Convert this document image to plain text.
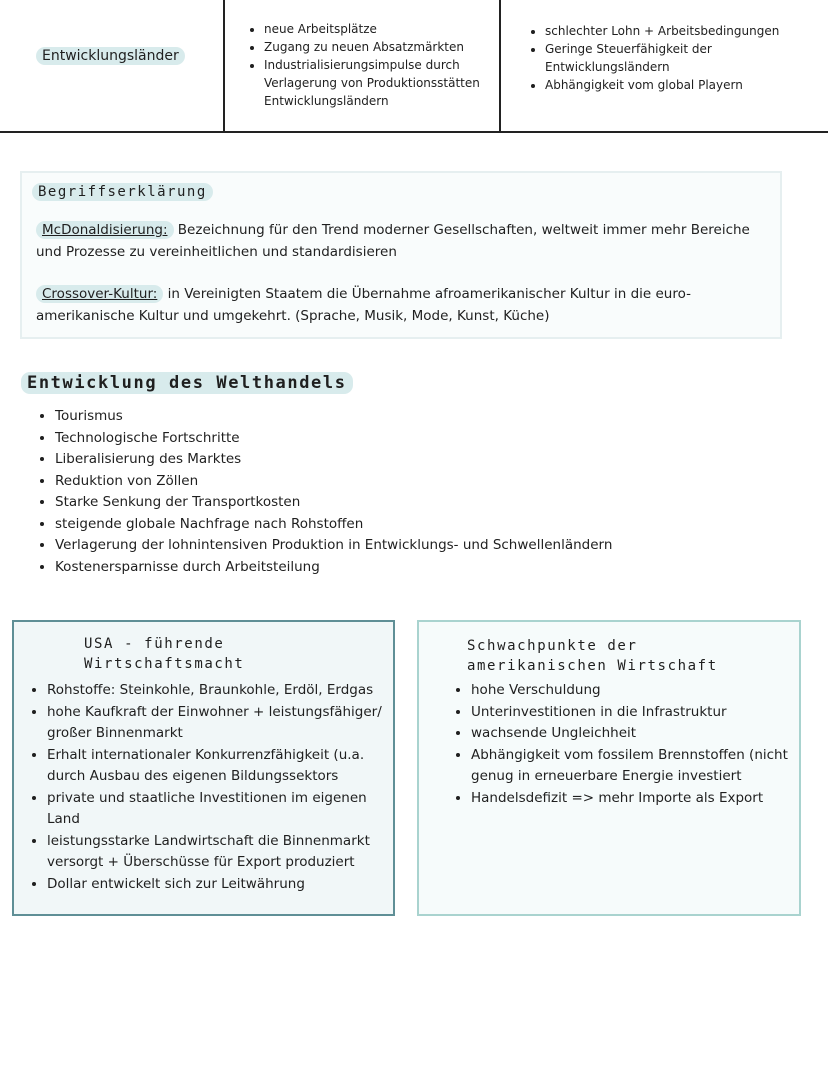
Entwicklungsländer
• neue Arbeitsplätze
• Zugang zu neuen Absatzmärkten
• Industrialisierungsimpulse durch Verlagerung von Produktionsstätten Entwicklungsländern
• schlechter Lohn + Arbeitsbedingungen
• Geringe Steuerfähigkeit der Entwicklungsländern
• Abhängigkeit vom global Playern
Begriffserklärung

McDonaldisierung: Bezeichnung für den Trend moderner Gesellschaften, weltweit immer mehr Bereiche und Prozesse zu vereinheitlichen und standardisieren

Crossover-Kultur: in Vereinigten Staatem die Übernahme afroamerikanischer Kultur in die euro-amerikanische Kultur und umgekehrt. (Sprache, Musik, Mode, Kunst, Küche)

Entwicklung des Welthandels
• Tourismus
• Technologische Fortschritte
• Liberalisierung des Marktes
• Reduktion von Zöllen
• Starke Senkung der Transportkosten
• steigende globale Nachfrage nach Rohstoffen
• Verlagerung der lohnintensiven Produktion in Entwicklungs- und Schwellenländern
• Kostenersparnisse durch Arbeitsteilung
USA - führende
Wirtschaftsmacht
• Rohstoffe: Steinkohle, Braunkohle, Erdöl, Erdgas
• hohe Kaufkraft der Einwohner + leistungsfähiger/ großer Binnenmarkt
• Erhalt internationaler Konkurrenzfähigkeit (u.a. durch Ausbau des eigenen Bildungssektors
• private und staatliche Investitionen im eigenen Land
• leistungsstarke Landwirtschaft die Binnenmarkt versorgt + Überschüsse für Export produziert
• Dollar entwickelt sich zur Leitwährung
Schwachpunkte der
amerikanischen Wirtschaft
• hohe Verschuldung
• Unterinvestitionen in die Infrastruktur
• wachsende Ungleichheit
• Abhängigkeit vom fossilem Brennstoffen (nicht genug in erneuerbare Energie investiert
• Handelsdefizit => mehr Importe als Export
